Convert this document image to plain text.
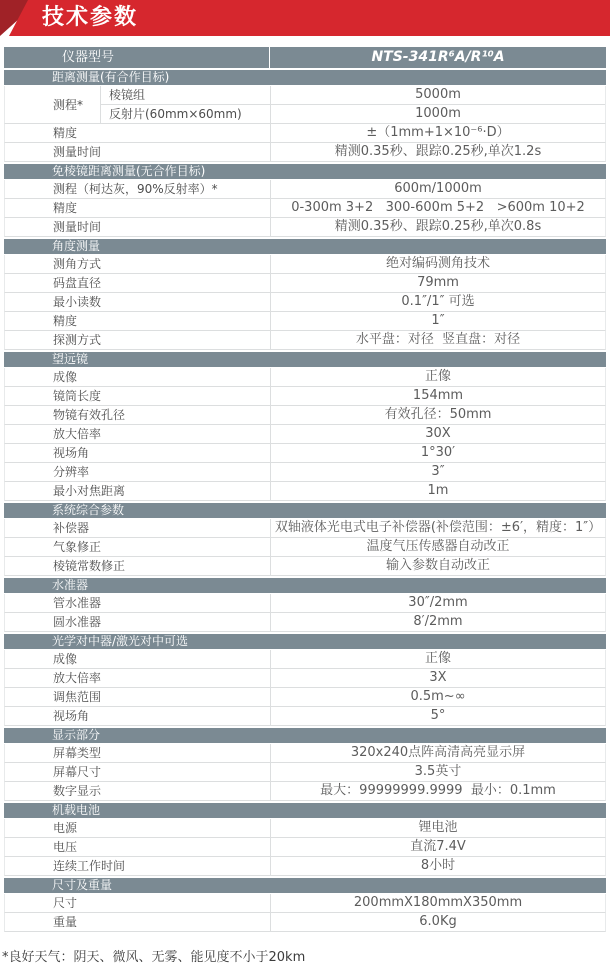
技术参数
仪器型号	NTS-341R⁶A/R¹⁰A
距离测量(有合作目标)
测程*
棱镜组	5000m
反射片(60mm×60mm)	1000m
精度	±（1mm+1×10⁻⁶·D）
测量时间	精测0.35秒、跟踪0.25秒,单次1.2s
免棱镜距离测量(无合作目标)
测程（柯达灰，90%反射率）*	600m/1000m
精度	0-300m 3+2   300-600m 5+2   >600m 10+2
测量时间	精测0.35秒、跟踪0.25秒,单次0.8s
角度测量
测角方式	绝对编码测角技术
码盘直径	79mm
最小读数	0.1″/1″ 可选
精度	1″
探测方式	水平盘：对径  竖直盘：对径
望远镜
成像	正像
镜筒长度	154mm
物镜有效孔径	有效孔径：50mm
放大倍率	30X
视场角	1°30′
分辨率	3″
最小对焦距离	1m
系统综合参数
补偿器	双轴液体光电式电子补偿器(补偿范围：±6′，精度：1″）
气象修正	温度气压传感器自动改正
棱镜常数修正	输入参数自动改正
水准器
管水准器	30″/2mm
圆水准器	8′/2mm
光学对中器/激光对中可选
成像	正像
放大倍率	3X
调焦范围	0.5m~∞
视场角	5°
显示部分
屏幕类型	320x240点阵高清高亮显示屏
屏幕尺寸	3.5英寸
数字显示	最大：99999999.9999  最小：0.1mm
机载电池
电源	锂电池
电压	直流7.4V
连续工作时间	8小时
尺寸及重量
尺寸	200mmX180mmX350mm
重量	6.0Kg
*良好天气：阴天、微风、无雾、能见度不小于20km
